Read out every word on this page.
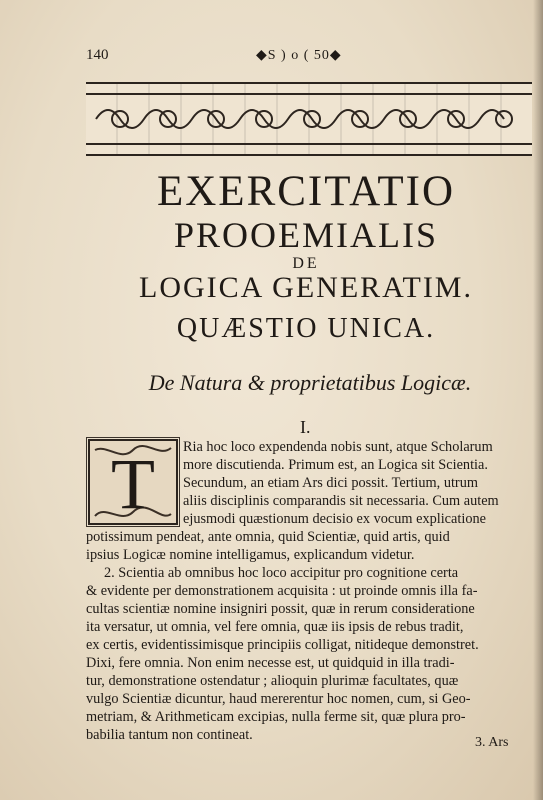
140	◆S ) o ( 50◆
EXERCITATIO
PROOEMIALIS
DE
LOGICA GENERATIM.
QUÆSTIO UNICA.
De Natura & proprietatibus Logicæ.
I.
T Ria hoc loco expendenda nobis sunt, atque Scholarum
more discutienda. Primum est, an Logica sit Scientia.
Secundum, an etiam Ars dici possit. Tertium, utrum
aliis disciplinis comparandis sit necessaria. Cum autem
ejusmodi quæstionum decisio ex vocum explicatione
potissimum pendeat, ante omnia, quid Scientiæ, quid artis, quid
ipsius Logicæ nomine intelligamus, explicandum videtur.
2. Scientia ab omnibus hoc loco accipitur pro cognitione certa
& evidente per demonstrationem acquisita : ut proinde omnis illa fa-
cultas scientiæ nomine insigniri possit, quæ in rerum consideratione
ita versatur, ut omnia, vel fere omnia, quæ iis ipsis de rebus tradit,
ex certis, evidentissimisque principiis colligat, nitideque demonstret.
Dixi, fere omnia. Non enim necesse est, ut quidquid in illa tradi-
tur, demonstratione ostendatur ; alioquin plurimæ facultates, quæ
vulgo Scientiæ dicuntur, haud mererentur hoc nomen, cum, si Geo-
metriam, & Arithmeticam excipias, nulla ferme sit, quæ plura pro-
babilia tantum non contineat.	3. Ars
